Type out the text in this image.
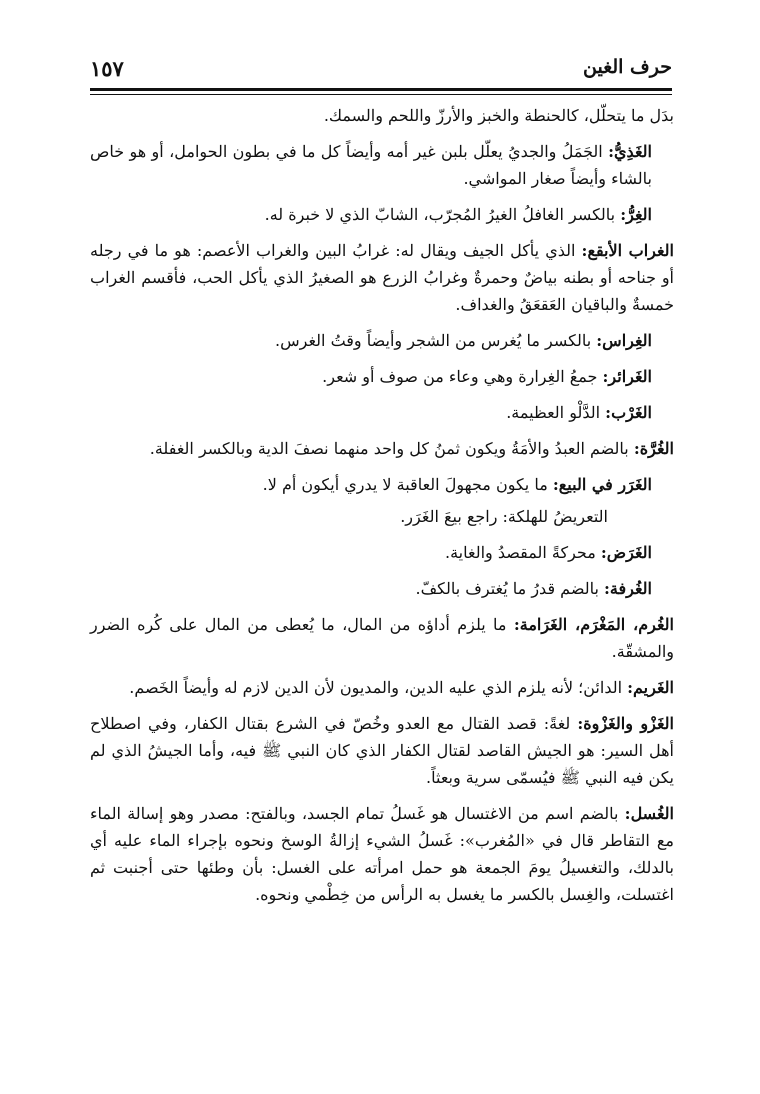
حرف الغين
١٥٧

بدَل ما يتحلّل، كالحنطة والخبز والأرزّ واللحم والسمك.

الغَذِيُّ: الجَمَلُ والجديُ يعلّل بلبن غير أمه وأيضاً كل ما في بطون الحوامل، أو هو خاص بالشاء وأيضاً صغار المواشي.

الغِرُّ: بالكسر الغافلُ الغيرُ المُجرّب، الشابّ الذي لا خبرة له.

الغراب الأبقع: الذي يأكل الجيف ويقال له: غرابُ البين والغراب الأعصم: هو ما في رجله أو جناحه أو بطنه بياضٌ وحمرةٌ وغرابُ الزرع هو الصغيرُ الذي يأكل الحب، فأقسم الغراب خمسةٌ والباقيان العَقعَقُ والغداف.

الغِراس: بالكسر ما يُغرس من الشجر وأيضاً وقتُ الغرس.

الغَرائر: جمعُ الغِرارة وهي وعاء من صوف أو شعر.

الغَرْب: الدَّلْو العظيمة.

الغُرَّة: بالضم العبدُ والأمَةُ ويكون ثمنُ كل واحد منهما نصفَ الدية وبالكسر الغفلة.

الغَرَر في البيع: ما يكون مجهولَ العاقبة لا يدري أيكون أم لا.

التعريضُ للهلكة: راجع بيعَ الغَرَر.

الغَرَض: محركةً المقصدُ والغاية.

الغُرفة: بالضم قدرُ ما يُغترف بالكفّ.

الغُرم، المَغْرَم، الغَرَامة: ما يلزم أداؤه من المال، ما يُعطى من المال على كُره الضرر والمشقّة.

الغَريم: الدائن؛ لأنه يلزم الذي عليه الدين، والمديون لأن الدين لازم له وأيضاً الخَصم.

الغَزْو والغَزْوة: لغةً: قصد القتال مع العدو وخُصّ في الشرع بقتال الكفار، وفي اصطلاح أهل السير: هو الجيش القاصد لقتال الكفار الذي كان النبي ﷺ فيه، وأما الجيشُ الذي لم يكن فيه النبي ﷺ فيُسمّى سرية وبعثاً.

الغُسل: بالضم اسم من الاغتسال هو غَسلُ تمام الجسد، وبالفتح: مصدر وهو إسالة الماء مع التقاطر قال في «المُغرب»: غَسلُ الشيء إزالةُ الوسخ ونحوه بإجراء الماء عليه أي بالدلك، والتغسيلُ يومَ الجمعة هو حمل امرأته على الغسل: بأن وطئها حتى أجنبت ثم اغتسلت، والغِسل بالكسر ما يغسل به الرأس من خِطْمي ونحوه.
